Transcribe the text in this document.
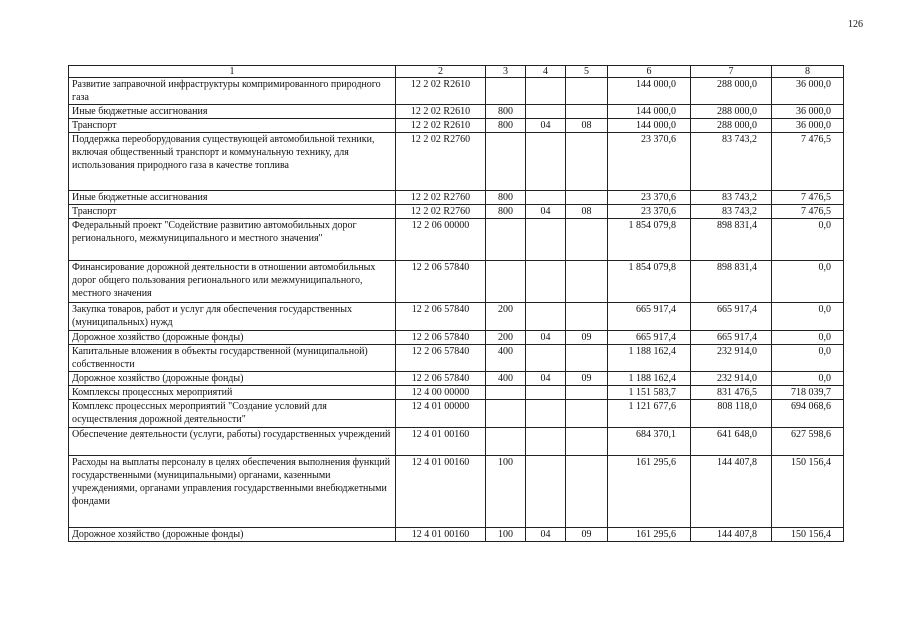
126
1	2	3	4	5	6	7	8
Развитие заправочной инфраструктуры компримированного природного газа	12 2 02 R2610				144 000,0	288 000,0	36 000,0
Иные бюджетные ассигнования	12 2 02 R2610	800			144 000,0	288 000,0	36 000,0
Транспорт	12 2 02 R2610	800	04	08	144 000,0	288 000,0	36 000,0
Поддержка переоборудования существующей автомобильной техники, включая общественный транспорт и коммунальную технику, для использования природного газа в качестве топлива	12 2 02 R2760				23 370,6	83 743,2	7 476,5
Иные бюджетные ассигнования	12 2 02 R2760	800			23 370,6	83 743,2	7 476,5
Транспорт	12 2 02 R2760	800	04	08	23 370,6	83 743,2	7 476,5
Федеральный проект "Содействие развитию автомобильных дорог регионального, межмуниципального и местного значения"	12 2 06 00000				1 854 079,8	898 831,4	0,0
Финансирование дорожной деятельности в отношении автомобильных дорог общего пользования регионального или межмуниципального, местного значения	12 2 06 57840				1 854 079,8	898 831,4	0,0
Закупка товаров, работ и услуг для обеспечения государственных (муниципальных) нужд	12 2 06 57840	200			665 917,4	665 917,4	0,0
Дорожное хозяйство (дорожные фонды)	12 2 06 57840	200	04	09	665 917,4	665 917,4	0,0
Капитальные вложения в объекты государственной (муниципальной) собственности	12 2 06 57840	400			1 188 162,4	232 914,0	0,0
Дорожное хозяйство (дорожные фонды)	12 2 06 57840	400	04	09	1 188 162,4	232 914,0	0,0
Комплексы процессных мероприятий	12 4 00 00000				1 151 583,7	831 476,5	718 039,7
Комплекс процессных мероприятий "Создание условий для осуществления дорожной деятельности"	12 4 01 00000				1 121 677,6	808 118,0	694 068,6
Обеспечение деятельности (услуги, работы) государственных учреждений	12 4 01 00160				684 370,1	641 648,0	627 598,6
Расходы на выплаты персоналу в целях обеспечения выполнения функций государственными (муниципальными) органами, казенными учреждениями, органами управления государственными внебюджетными фондами	12 4 01 00160	100			161 295,6	144 407,8	150 156,4
Дорожное хозяйство (дорожные фонды)	12 4 01 00160	100	04	09	161 295,6	144 407,8	150 156,4
